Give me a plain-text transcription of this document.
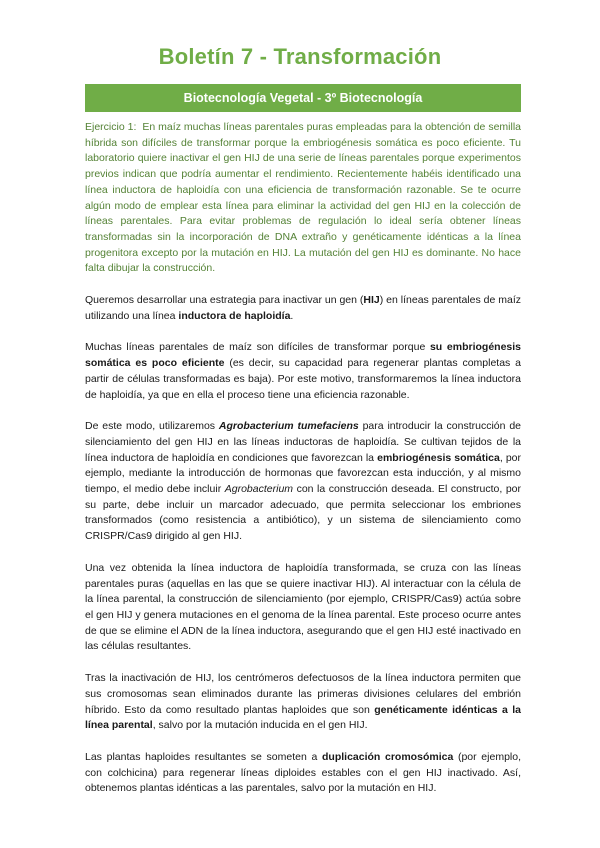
Boletín 7 - Transformación
Biotecnología Vegetal - 3º Biotecnología

Ejercicio 1: En maíz muchas líneas parentales puras empleadas para la obtención de semilla híbrida son difíciles de transformar porque la embriogénesis somática es poco eficiente. Tu laboratorio quiere inactivar el gen HIJ de una serie de líneas parentales porque experimentos previos indican que podría aumentar el rendimiento. Recientemente habéis identificado una línea inductora de haploidía con una eficiencia de transformación razonable. Se te ocurre algún modo de emplear esta línea para eliminar la actividad del gen HIJ en la colección de líneas parentales. Para evitar problemas de regulación lo ideal sería obtener líneas transformadas sin la incorporación de DNA extraño y genéticamente idénticas a la línea progenitora excepto por la mutación en HIJ. La mutación del gen HIJ es dominante. No hace falta dibujar la construcción.

Queremos desarrollar una estrategia para inactivar un gen (HIJ) en líneas parentales de maíz utilizando una línea inductora de haploidía.

Muchas líneas parentales de maíz son difíciles de transformar porque su embriogénesis somática es poco eficiente (es decir, su capacidad para regenerar plantas completas a partir de células transformadas es baja). Por este motivo, transformaremos la línea inductora de haploidía, ya que en ella el proceso tiene una eficiencia razonable.

De este modo, utilizaremos Agrobacterium tumefaciens para introducir la construcción de silenciamiento del gen HIJ en las líneas inductoras de haploidía. Se cultivan tejidos de la línea inductora de haploidía en condiciones que favorezcan la embriogénesis somática, por ejemplo, mediante la introducción de hormonas que favorezcan esta inducción, y al mismo tiempo, el medio debe incluir Agrobacterium con la construcción deseada. El constructo, por su parte, debe incluir un marcador adecuado, que permita seleccionar los embriones transformados (como resistencia a antibiótico), y un sistema de silenciamiento como CRISPR/Cas9 dirigido al gen HIJ.

Una vez obtenida la línea inductora de haploidía transformada, se cruza con las líneas parentales puras (aquellas en las que se quiere inactivar HIJ). Al interactuar con la célula de la línea parental, la construcción de silenciamiento (por ejemplo, CRISPR/Cas9) actúa sobre el gen HIJ y genera mutaciones en el genoma de la línea parental. Este proceso ocurre antes de que se elimine el ADN de la línea inductora, asegurando que el gen HIJ esté inactivado en las células resultantes.

Tras la inactivación de HIJ, los centrómeros defectuosos de la línea inductora permiten que sus cromosomas sean eliminados durante las primeras divisiones celulares del embrión híbrido. Esto da como resultado plantas haploides que son genéticamente idénticas a la línea parental, salvo por la mutación inducida en el gen HIJ.

Las plantas haploides resultantes se someten a duplicación cromosómica (por ejemplo, con colchicina) para regenerar líneas diploides estables con el gen HIJ inactivado. Así, obtenemos plantas idénticas a las parentales, salvo por la mutación en HIJ.
